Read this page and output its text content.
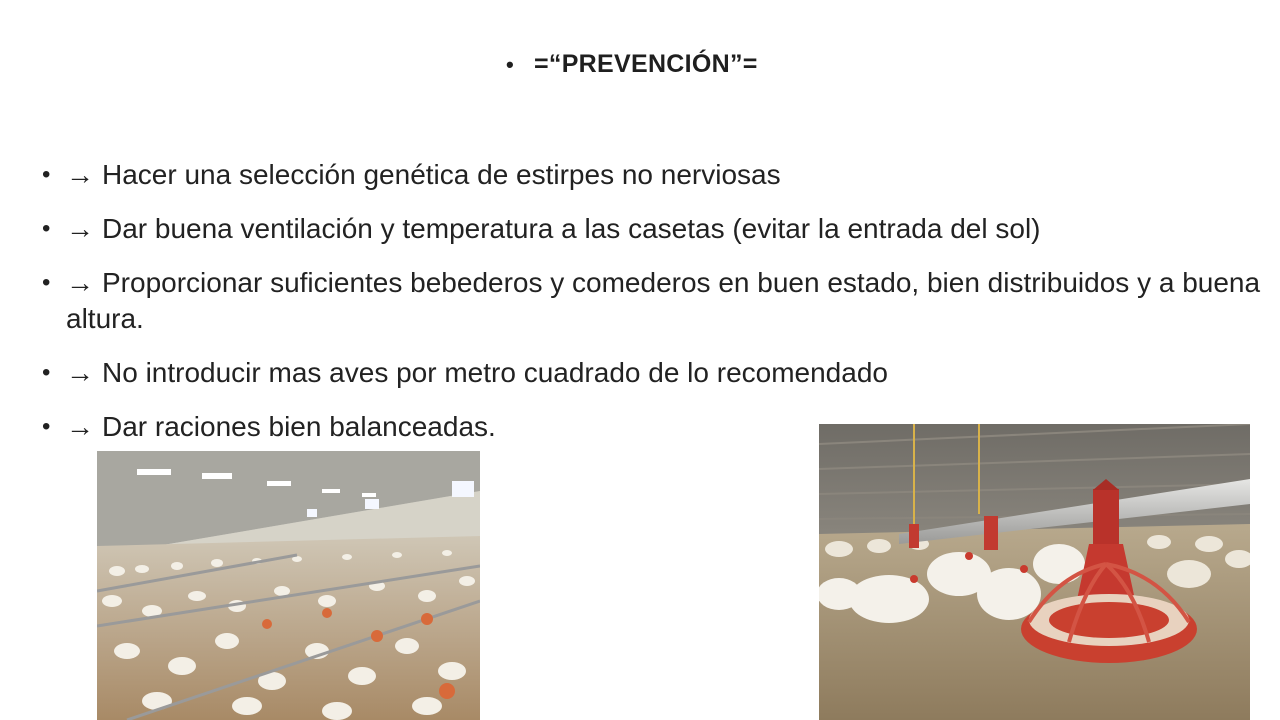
• =“PREVENCIÓN”=
• → Hacer una selección genética de estirpes no nerviosas
• → Dar buena ventilación y temperatura a las casetas (evitar la entrada del sol)
• → Proporcionar suficientes bebederos y comederos en buen estado, bien distribuidos y a buena altura.
• → No introducir mas aves por metro cuadrado de lo recomendado
• → Dar raciones bien balanceadas.
